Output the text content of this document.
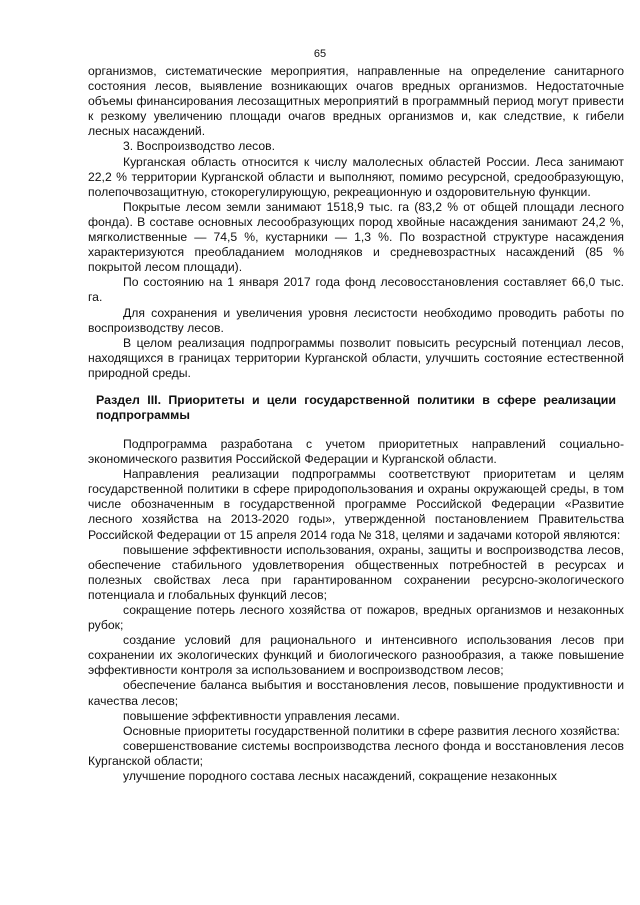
65

организмов, систематические мероприятия, направленные на определение санитарного состояния лесов, выявление возникающих очагов вредных организмов. Недостаточные объемы финансирования лесозащитных мероприятий в программный период могут привести к резкому увеличению площади очагов вредных организмов и, как следствие, к гибели лесных насаждений.

3. Воспроизводство лесов.

Курганская область относится к числу малолесных областей России. Леса занимают 22,2 % территории Курганской области и выполняют, помимо ресурсной, средообразующую, полепочвозащитную, стокорегулирующую, рекреационную и оздоровительную функции.

Покрытые лесом земли занимают 1518,9 тыс. га (83,2 % от общей площади лесного фонда). В составе основных лесообразующих пород хвойные насаждения занимают 24,2 %, мягколиственные — 74,5 %, кустарники — 1,3 %. По возрастной структуре насаждения характеризуются преобладанием молодняков и средневозрастных насаждений (85 % покрытой лесом площади).

По состоянию на 1 января 2017 года фонд лесовосстановления составляет 66,0 тыс. га.

Для сохранения и увеличения уровня лесистости необходимо проводить работы по воспроизводству лесов.

В целом реализация подпрограммы позволит повысить ресурсный потенциал лесов, находящихся в границах территории Курганской области, улучшить состояние естественной природной среды.

Раздел III. Приоритеты и цели государственной политики в сфере реализации подпрограммы

Подпрограмма разработана с учетом приоритетных направлений социально-экономического развития Российской Федерации и Курганской области.

Направления реализации подпрограммы соответствуют приоритетам и целям государственной политики в сфере природопользования и охраны окружающей среды, в том числе обозначенным в государственной программе Российской Федерации «Развитие лесного хозяйства на 2013-2020 годы», утвержденной постановлением Правительства Российской Федерации от 15 апреля 2014 года № 318, целями и задачами которой являются:

повышение эффективности использования, охраны, защиты и воспроизводства лесов, обеспечение стабильного удовлетворения общественных потребностей в ресурсах и полезных свойствах леса при гарантированном сохранении ресурсно-экологического потенциала и глобальных функций лесов;

сокращение потерь лесного хозяйства от пожаров, вредных организмов и незаконных рубок;

создание условий для рационального и интенсивного использования лесов при сохранении их экологических функций и биологического разнообразия, а также повышение эффективности контроля за использованием и воспроизводством лесов;

обеспечение баланса выбытия и восстановления лесов, повышение продуктивности и качества лесов;

повышение эффективности управления лесами.

Основные приоритеты государственной политики в сфере развития лесного хозяйства:

совершенствование системы воспроизводства лесного фонда и восстановления лесов Курганской области;

улучшение породного состава лесных насаждений, сокращение незаконных
